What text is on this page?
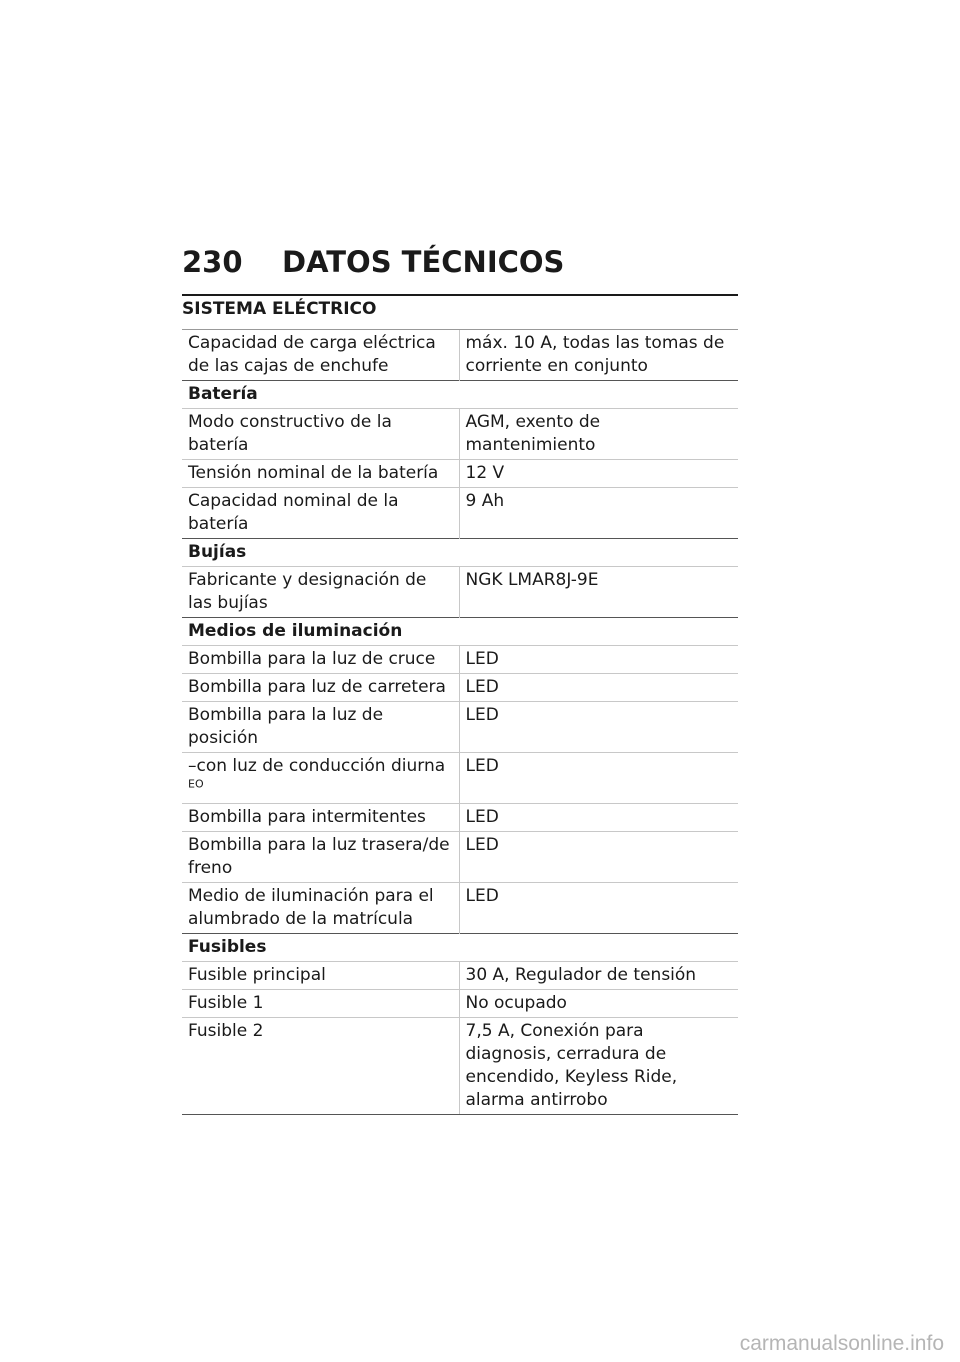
230 DATOS TÉCNICOS
SISTEMA ELÉCTRICO
Capacidad de carga eléctrica de las cajas de enchufe	máx. 10 A, todas las tomas de corriente en conjunto
Batería	
Modo constructivo de la batería	AGM, exento de mantenimiento
Tensión nominal de la batería	12 V
Capacidad nominal de la batería	9 Ah
Bujías	
Fabricante y designación de las bujías	NGK LMAR8J-9E
Medios de iluminación	
Bombilla para la luz de cruce	LED
Bombilla para luz de carretera	LED
Bombilla para la luz de posición	LED
–con luz de conducción diurna$^{EO}$	LED
Bombilla para intermitentes	LED
Bombilla para la luz trasera/de freno	LED
Medio de iluminación para el alumbrado de la matrícula	LED
Fusibles	
Fusible principal	30 A, Regulador de tensión
Fusible 1	No ocupado
Fusible 2	7,5 A, Conexión para diagnosis, cerradura de encendido, Keyless Ride, alarma antirrobo
carmanualsonline.info
